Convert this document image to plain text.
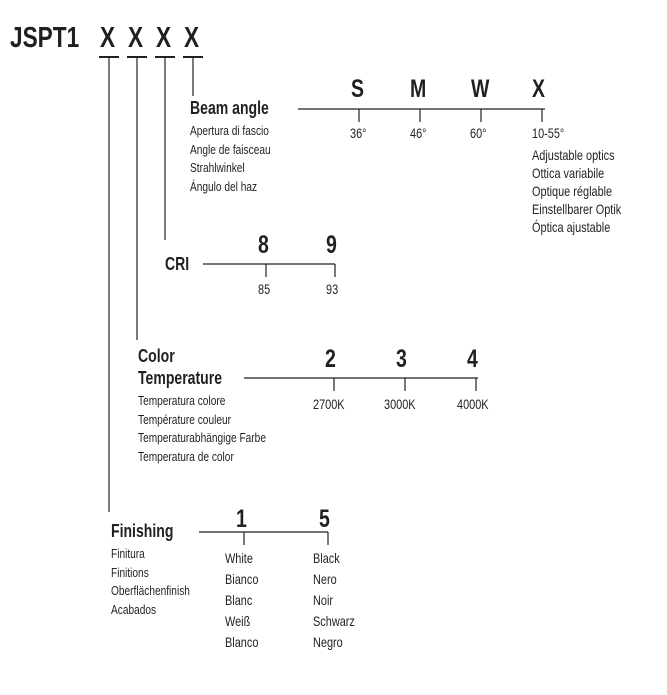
JSPT1 X X X X
Beam angle
Apertura di fascio
Angle de faisceau
Strahlwinkel
Ángulo del haz
S M W X
36°	46°	60°	10-55°
Adjustable optics
Ottica variabile
Optique réglable
Einstellbarer Optik
Óptica ajustable
CRI
8 9
85	93
Color
Temperature
Temperatura colore
Température couleur
Temperaturabhängige Farbe
Temperatura de color
2 3 4
2700K	3000K	4000K
Finishing
Finitura
Finitions
Oberflächenfinish
Acabados
1	5
White
Bianco
Blanc
Weiß
Blanco
Black
Nero
Noir
Schwarz
Negro
